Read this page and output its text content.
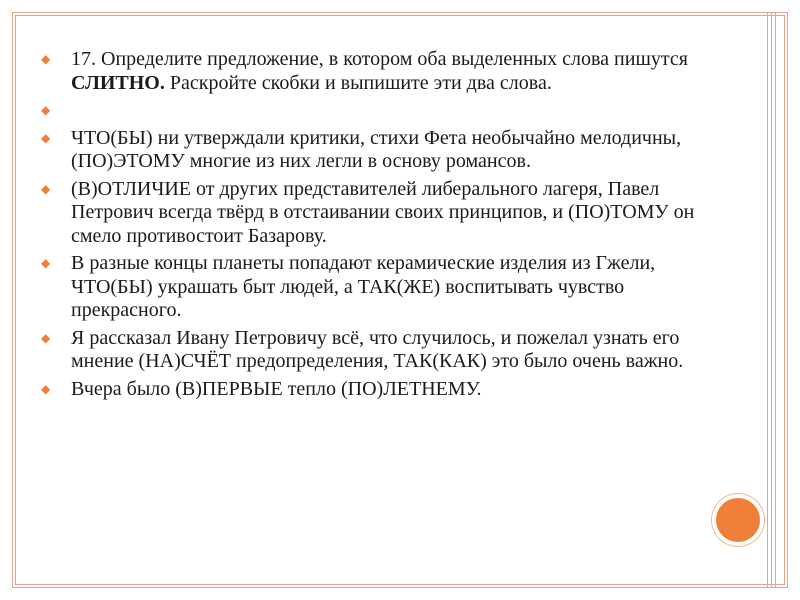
◆ 17. Определите предложение, в котором оба выделенных слова пишутся СЛИТНО. Раскройте скобки и выпишите эти два слова.
◆
◆ ЧТО(БЫ) ни утверждали критики, стихи Фета необычайно мелодичны, (ПО)ЭТОМУ многие из них легли в основу романсов.
◆ (В)ОТЛИЧИЕ от других представителей либерального лагеря, Павел Петрович всегда твёрд в отстаивании своих принципов, и (ПО)ТОМУ он смело противостоит Базарову.
◆ В разные концы планеты попадают керамические изделия из Гжели, ЧТО(БЫ) украшать быт людей, а ТАК(ЖЕ) воспитывать чувство прекрасного.
◆ Я рассказал Ивану Петровичу всё, что случилось, и пожелал узнать его мнение (НА)СЧЁТ предопределения, ТАК(КАК) это было очень важно.
◆ Вчера было (В)ПЕРВЫЕ тепло (ПО)ЛЕТНЕМУ.
